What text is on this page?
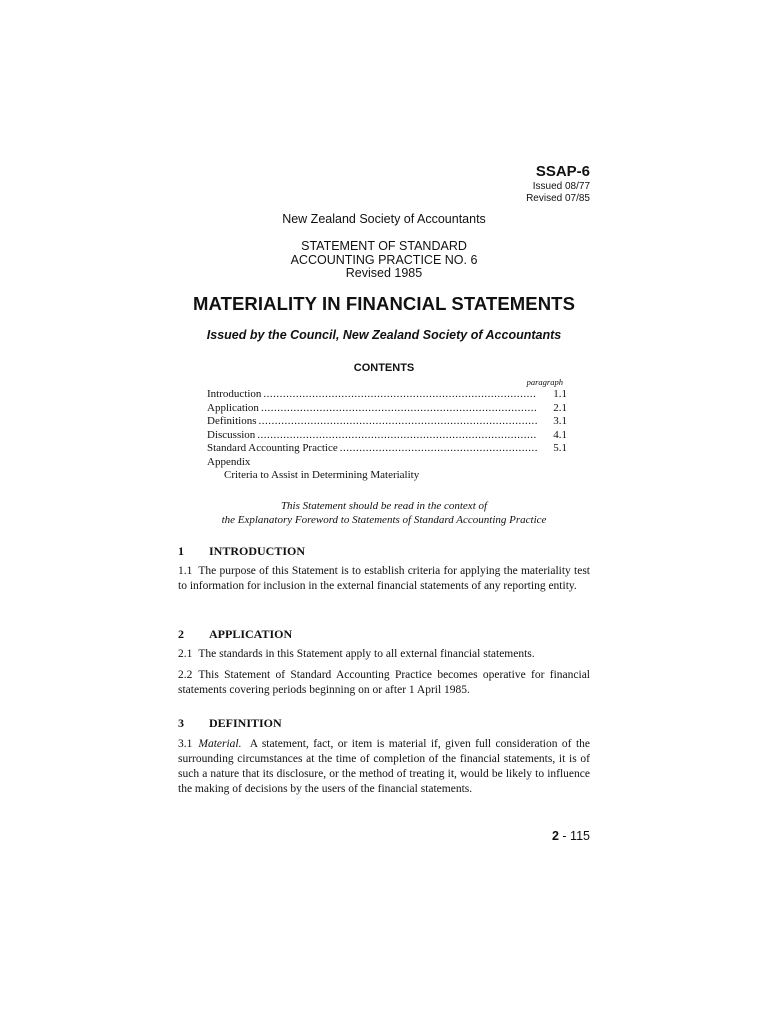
SSAP-6
Issued 08/77
Revised 07/85
New Zealand Society of Accountants
STATEMENT OF STANDARD
ACCOUNTING PRACTICE NO. 6
Revised 1985
MATERIALITY IN FINANCIAL STATEMENTS
Issued by the Council, New Zealand Society of Accountants
CONTENTS
paragraph
Introduction .....	1.1
Application .....	2.1
Definitions .....	3.1
Discussion .....	4.1
Standard Accounting Practice .....	5.1
Appendix
Criteria to Assist in Determining Materiality
This Statement should be read in the context of
the Explanatory Foreword to Statements of Standard Accounting Practice
1	INTRODUCTION

1.1 The purpose of this Statement is to establish criteria for applying the materiality test to information for inclusion in the external financial statements of any reporting entity.

2	APPLICATION

2.1 The standards in this Statement apply to all external financial statements.

2.2 This Statement of Standard Accounting Practice becomes operative for financial statements covering periods beginning on or after 1 April 1985.

3	DEFINITION

3.1 Material. A statement, fact, or item is material if, given full consideration of the surrounding circumstances at the time of completion of the financial statements, it is of such a nature that its disclosure, or the method of treating it, would be likely to influence the making of decisions by the users of the financial statements.

2 - 115
